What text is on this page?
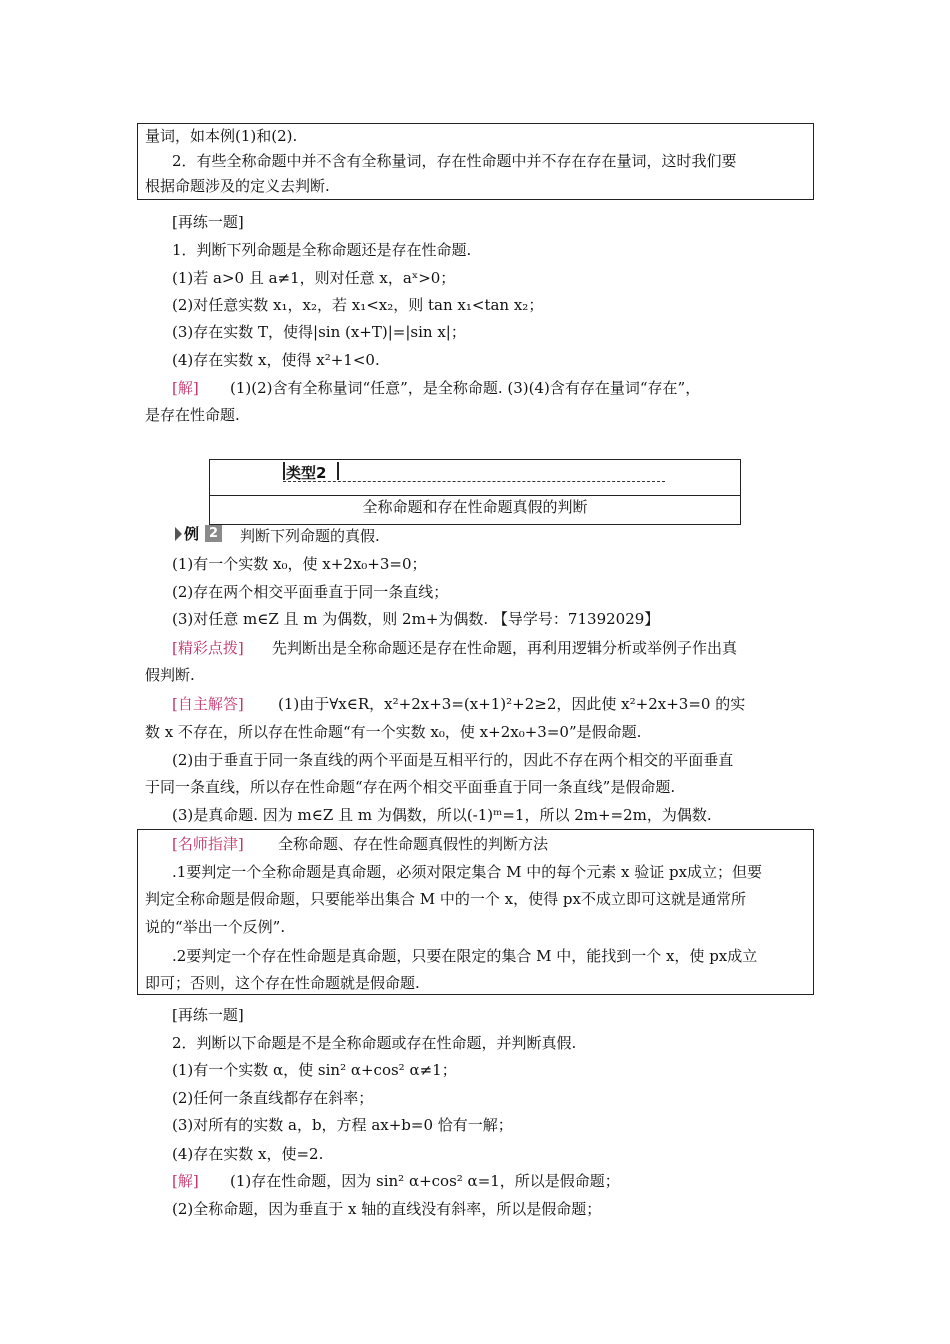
量词，如本例(1)和(2).
2．有些全称命题中并不含有全称量词，存在性命题中并不存在存在量词，这时我们要
根据命题涉及的定义去判断.
[再练一题]
1．判断下列命题是全称命题还是存在性命题.
(1)若 a>0 且 a≠1，则对任意 x，aˣ>0；
(2)对任意实数 x₁，x₂，若 x₁<x₂，则 tan x₁<tan x₂；
(3)存在实数 T，使得|sin (x+T)|=|sin x|；
(4)存在实数 x，使得 x²+1<0.
[解] (1)(2)含有全称量词“任意”，是全称命题. (3)(4)含有存在量词“存在”，
是存在性命题.
类型2
全称命题和存在性命题真假的判断
例 2 判断下列命题的真假.
(1)有一个实数 x₀，使 x+2x₀+3=0；
(2)存在两个相交平面垂直于同一条直线；
(3)对任意 m∈Z 且 m 为偶数，则 2m+为偶数. 【导学号：71392029】
[精彩点拨] 先判断出是全称命题还是存在性命题，再利用逻辑分析或举例子作出真
假判断.
[自主解答] (1)由于∀x∈R，x²+2x+3=(x+1)²+2≥2，因此使 x²+2x+3=0 的实
数 x 不存在，所以存在性命题“有一个实数 x₀，使 x+2x₀+3=0”是假命题.
(2)由于垂直于同一条直线的两个平面是互相平行的，因此不存在两个相交的平面垂直
于同一条直线，所以存在性命题“存在两个相交平面垂直于同一条直线”是假命题.
(3)是真命题. 因为 m∈Z 且 m 为偶数，所以(-1)ᵐ=1，所以 2m+=2m，为偶数.
[名师指津] 全称命题、存在性命题真假性的判断方法
.1要判定一个全称命题是真命题，必须对限定集合 M 中的每个元素 x 验证 px成立；但要
判定全称命题是假命题，只要能举出集合 M 中的一个 x，使得 px不成立即可这就是通常所
说的“举出一个反例”.
.2要判定一个存在性命题是真命题，只要在限定的集合 M 中，能找到一个 x，使 px成立
即可；否则，这个存在性命题就是假命题.
[再练一题]
2．判断以下命题是不是全称命题或存在性命题，并判断真假.
(1)有一个实数 α，使 sin² α+cos² α≠1；
(2)任何一条直线都存在斜率；
(3)对所有的实数 a，b，方程 ax+b=0 恰有一解；
(4)存在实数 x，使=2.
[解] (1)存在性命题，因为 sin² α+cos² α=1，所以是假命题；
(2)全称命题，因为垂直于 x 轴的直线没有斜率，所以是假命题；
